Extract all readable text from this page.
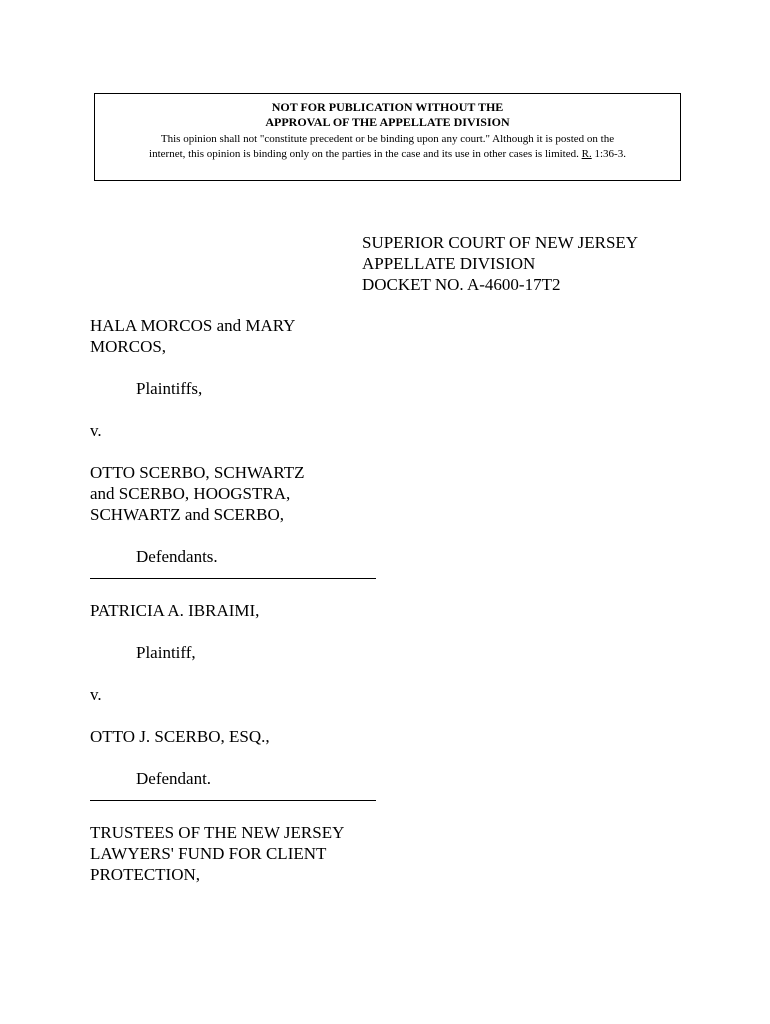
NOT FOR PUBLICATION WITHOUT THE
APPROVAL OF THE APPELLATE DIVISION
This opinion shall not "constitute precedent or be binding upon any court." Although it is posted on the
internet, this opinion is binding only on the parties in the case and its use in other cases is limited. R. 1:36-3.
SUPERIOR COURT OF NEW JERSEY
APPELLATE DIVISION
DOCKET NO. A-4600-17T2
HALA MORCOS and MARY
MORCOS,
Plaintiffs,
v.
OTTO SCERBO, SCHWARTZ
and SCERBO, HOOGSTRA,
SCHWARTZ and SCERBO,
Defendants.
PATRICIA A. IBRAIMI,
Plaintiff,
v.
OTTO J. SCERBO, ESQ.,
Defendant.
TRUSTEES OF THE NEW JERSEY
LAWYERS' FUND FOR CLIENT
PROTECTION,
